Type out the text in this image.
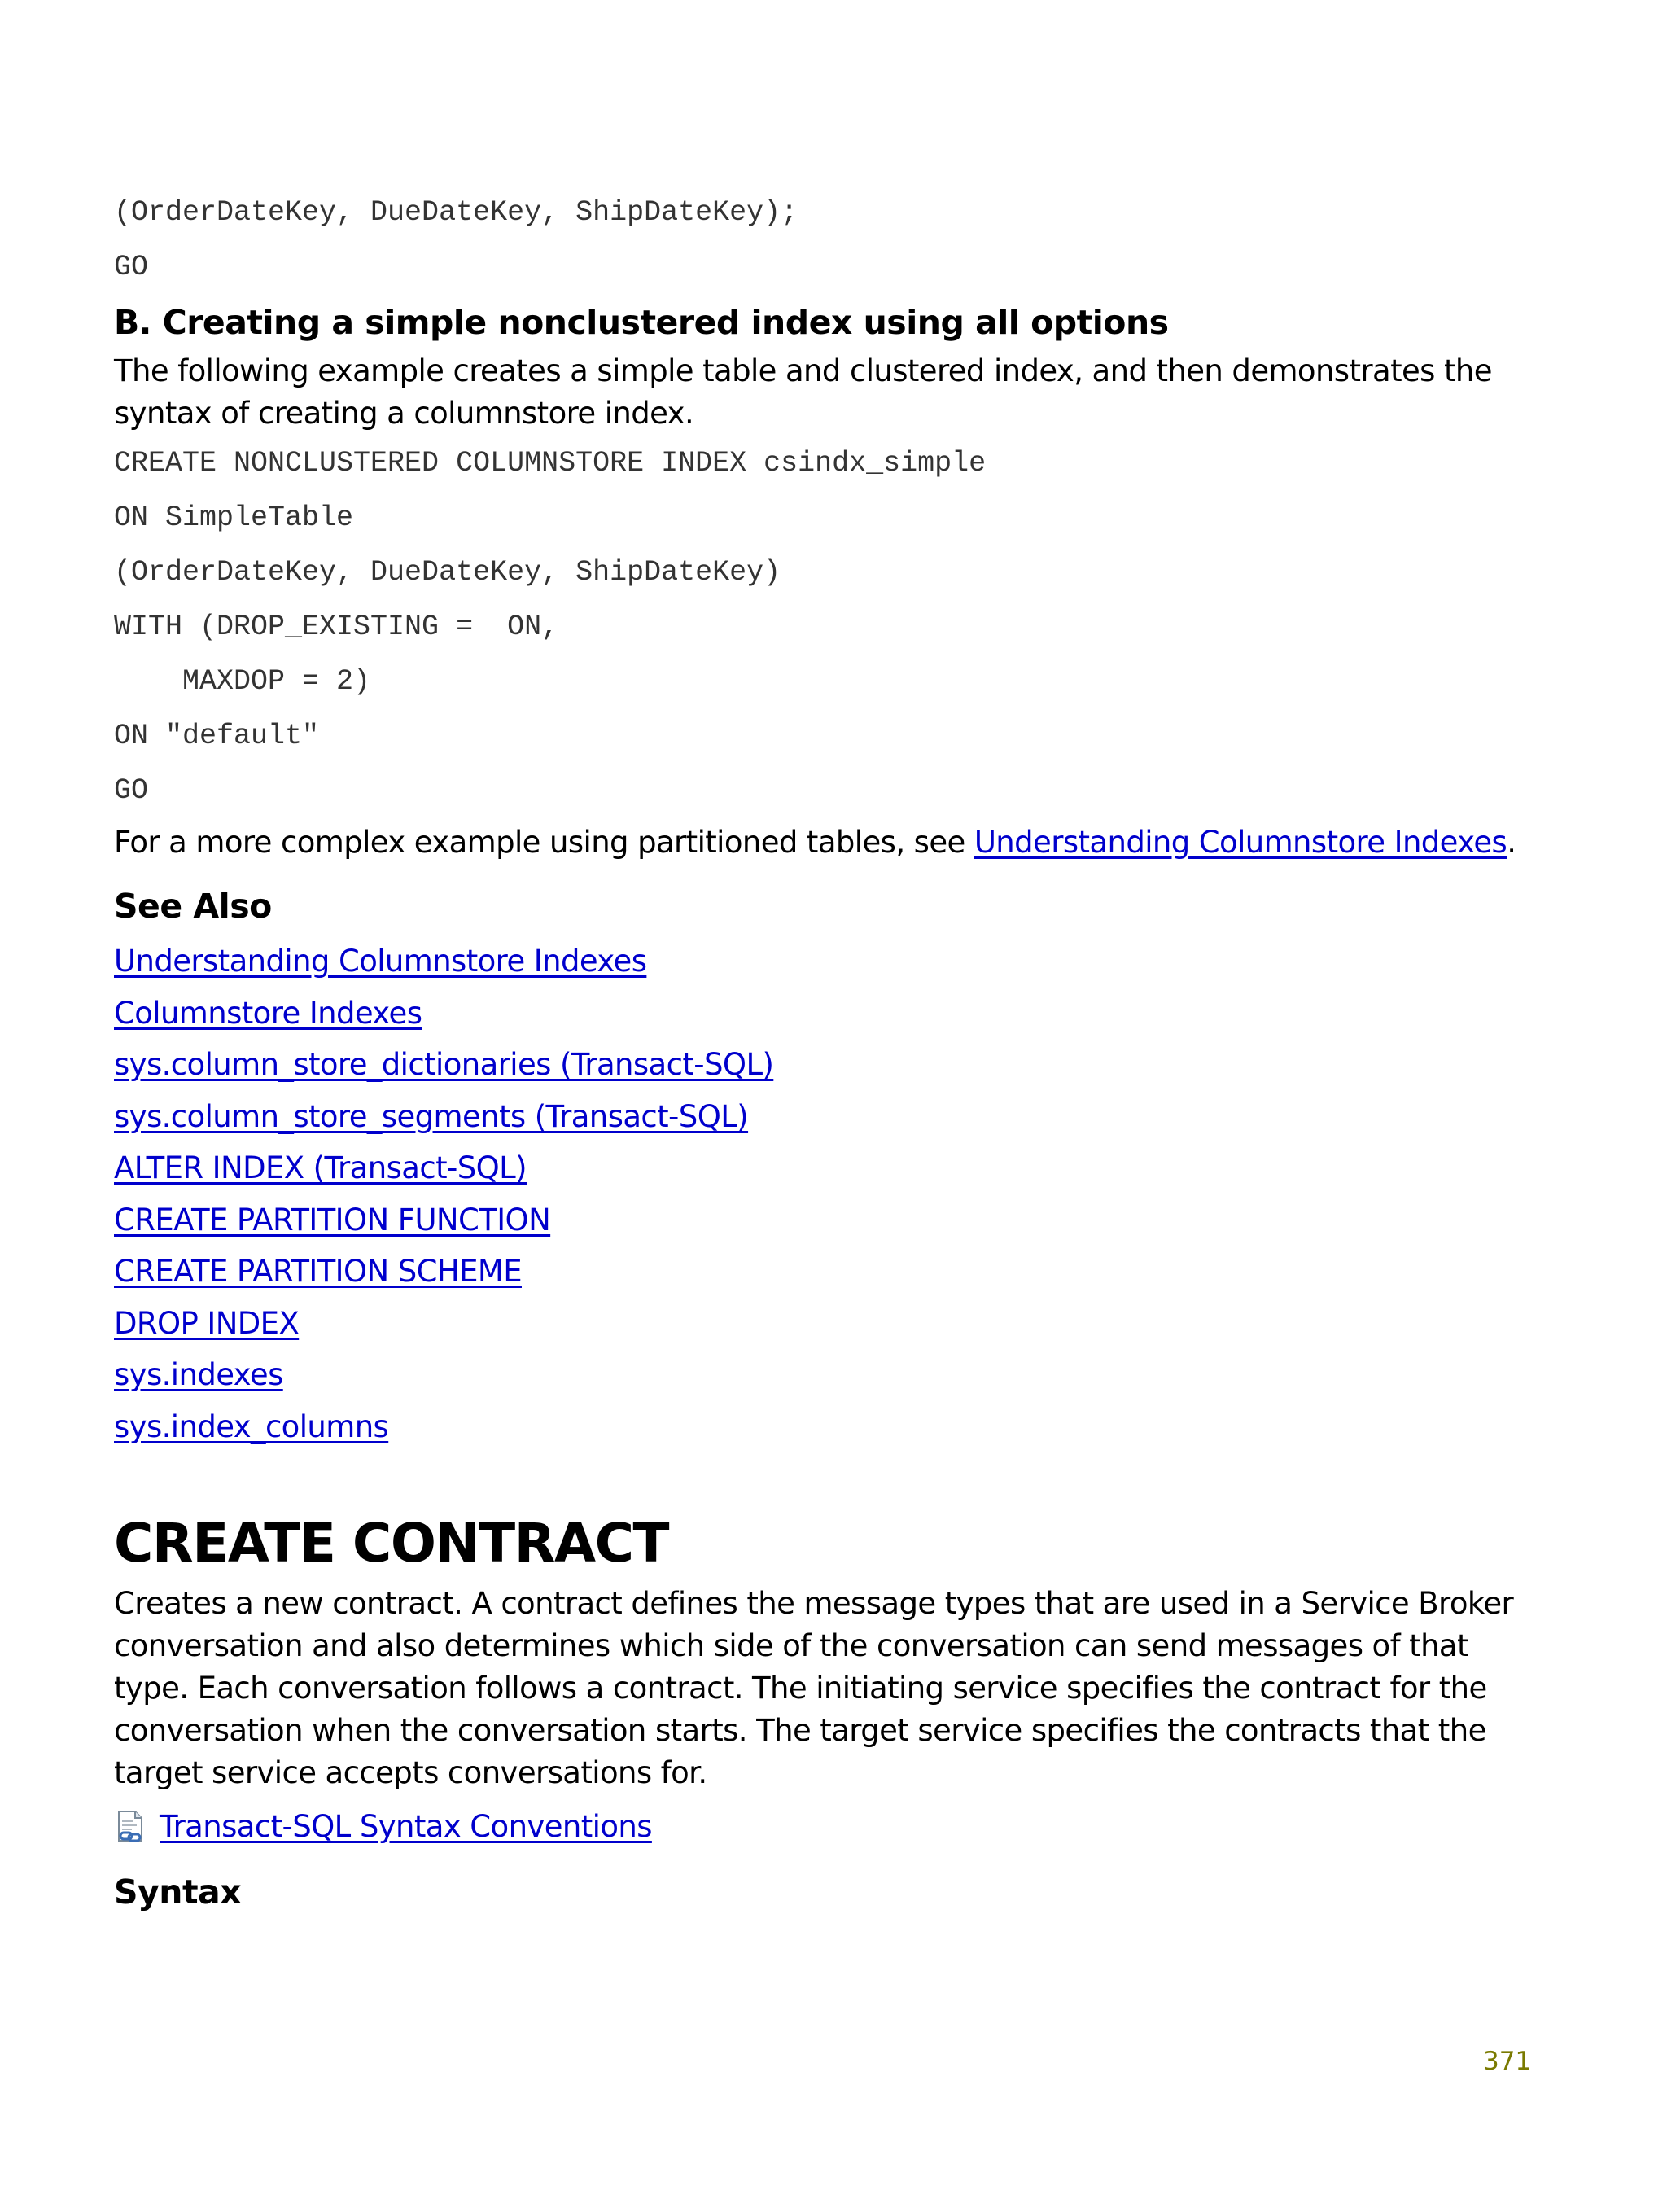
(OrderDateKey, DueDateKey, ShipDateKey);
GO
B. Creating a simple nonclustered index using all options
The following example creates a simple table and clustered index, and then demonstrates the syntax of creating a columnstore index.
CREATE NONCLUSTERED COLUMNSTORE INDEX csindx_simple
ON SimpleTable
(OrderDateKey, DueDateKey, ShipDateKey)
WITH (DROP_EXISTING =  ON,
MAXDOP = 2)
ON "default"
GO
For a more complex example using partitioned tables, see Understanding Columnstore Indexes.
See Also
Understanding Columnstore Indexes
Columnstore Indexes
sys.column_store_dictionaries (Transact-SQL)
sys.column_store_segments (Transact-SQL)
ALTER INDEX (Transact-SQL)
CREATE PARTITION FUNCTION
CREATE PARTITION SCHEME
DROP INDEX
sys.indexes
sys.index_columns
CREATE CONTRACT
Creates a new contract. A contract defines the message types that are used in a Service Broker conversation and also determines which side of the conversation can send messages of that type. Each conversation follows a contract. The initiating service specifies the contract for the conversation when the conversation starts. The target service specifies the contracts that the target service accepts conversations for.
Transact-SQL Syntax Conventions
Syntax
371
